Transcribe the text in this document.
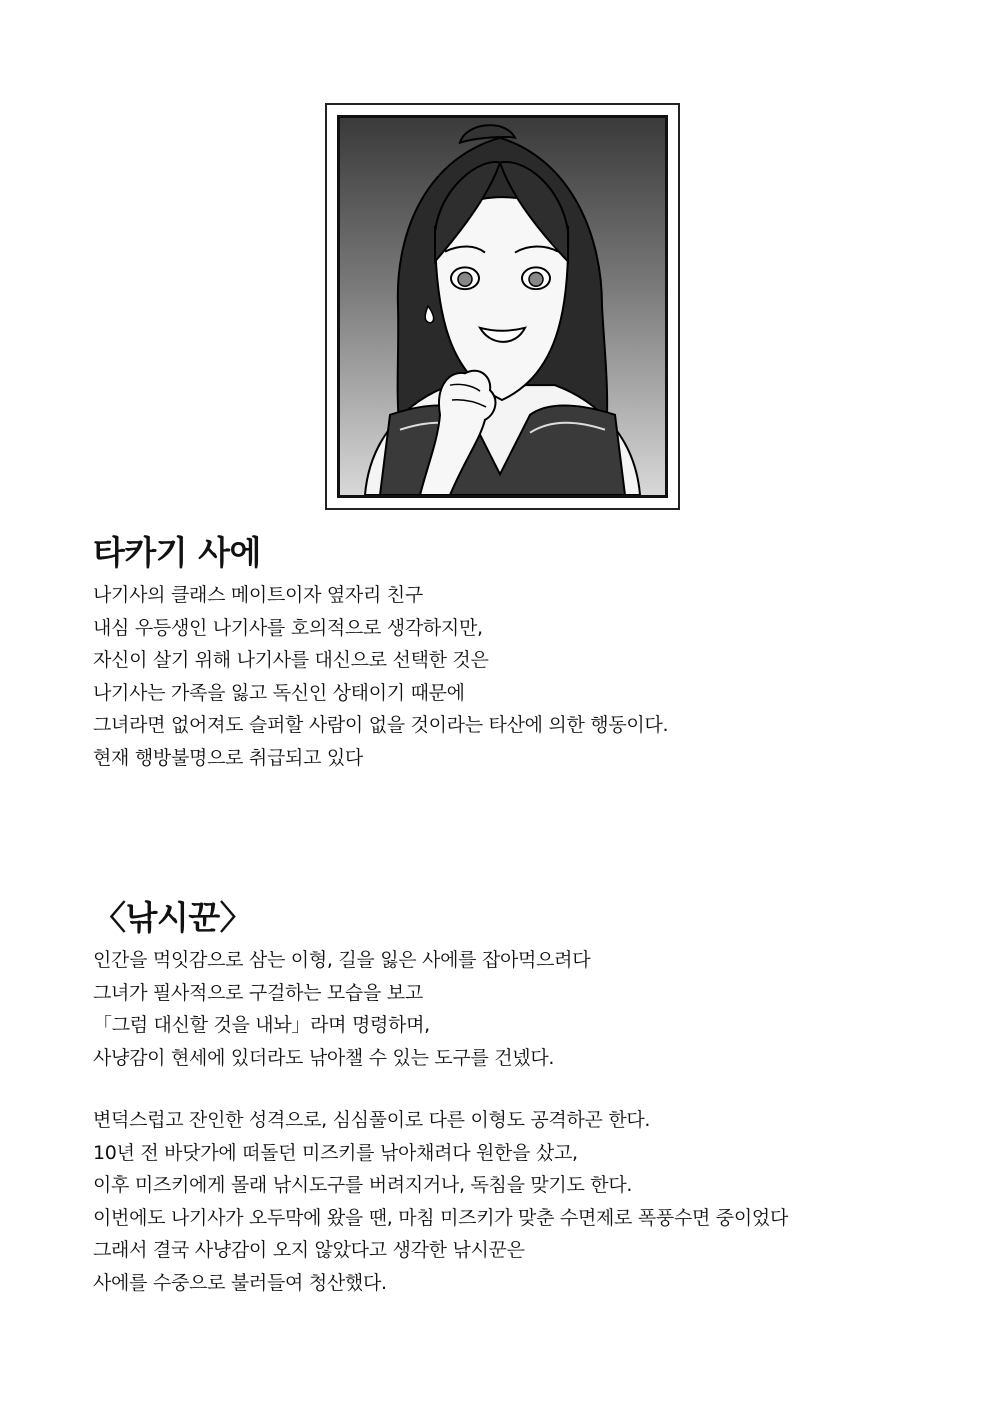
타카기 사에
나기사의 클래스 메이트이자 옆자리 친구
내심 우등생인 나기사를 호의적으로 생각하지만,
자신이 살기 위해 나기사를 대신으로 선택한 것은
나기사는 가족을 잃고 독신인 상태이기 때문에
그녀라면 없어져도 슬퍼할 사람이 없을 것이라는 타산에 의한 행동이다.
현재 행방불명으로 취급되고 있다
〈낚시꾼〉
인간을 먹잇감으로 삼는 이형, 길을 잃은 사에를 잡아먹으려다
그녀가 필사적으로 구걸하는 모습을 보고
「그럼 대신할 것을 내놔」라며 명령하며,
사냥감이 현세에 있더라도 낚아챌 수 있는 도구를 건넸다.
변덕스럽고 잔인한 성격으로, 심심풀이로 다른 이형도 공격하곤 한다.
10년 전 바닷가에 떠돌던 미즈키를 낚아채려다 원한을 샀고,
이후 미즈키에게 몰래 낚시도구를 버려지거나, 독침을 맞기도 한다.
이번에도 나기사가 오두막에 왔을 땐, 마침 미즈키가 맞춘 수면제로 폭풍수면 중이었다
그래서 결국 사냥감이 오지 않았다고 생각한 낚시꾼은
사에를 수중으로 불러들여 청산했다.
